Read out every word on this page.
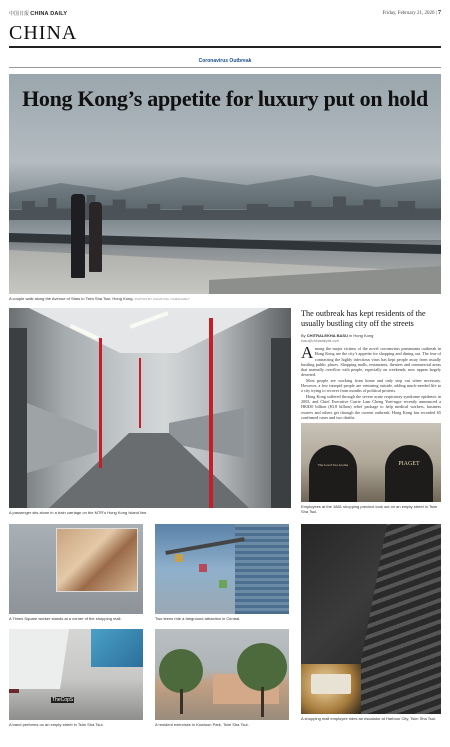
中国日报 CHINA DAILY	Friday, February 21, 2020 | 7
CHINA
Coronavirus Outbreak
Hong Kong’s appetite for luxury put on hold
A couple walk along the Avenue of Stars in Tsim Sha Tsui, Hong Kong. PHOTOS BY CALVIN NG / CHINA DAILY
A passenger sits alone in a train carriage on the MTR’s Hong Kong Island line.
The outbreak has kept residents of the usually bustling city off the streets
By CHITRALEKHA BASU in Hong Kong
basu@chinadailyhk.com

Among the major victims of the novel coronavirus pneumonia outbreak in Hong Kong are the city’s appetite for shopping and dining out. The fear of contracting the highly infectious virus has kept people away from usually bustling public places. Shopping malls, restaurants, theaters and commercial areas that normally overflow with people, especially on weekends, now appear largely deserted.

Most people are working from home and only step out when necessary. However, a few intrepid people are venturing outside, adding much-needed life to a city trying to recover from months of political protests.

Hong Kong suffered through the severe acute respiratory syndrome epidemic in 2003, and Chief Executive Carrie Lam Cheng Yuet-ngor recently announced a HK$30 billion ($3.8 billion) relief package to help medical workers, business owners and others get through the current outbreak. Hong Kong has recorded 65 confirmed cases and two deaths.

The Good Tea Aroma	PIAGET
Employees at the 1881 shopping precinct look out on an empty street in Tsim Sha Tsui.
A Times Square worker stands at a corner of the shopping mall.	Two teens ride a fairground attraction in Central.
TheCopS
A band performs on an empty street in Tsim Sha Tsui.	A resident exercises in Kowloon Park, Tsim Sha Tsui.
A shopping mall employee rides an escalator at Harbour City, Tsim Sha Tsui.
